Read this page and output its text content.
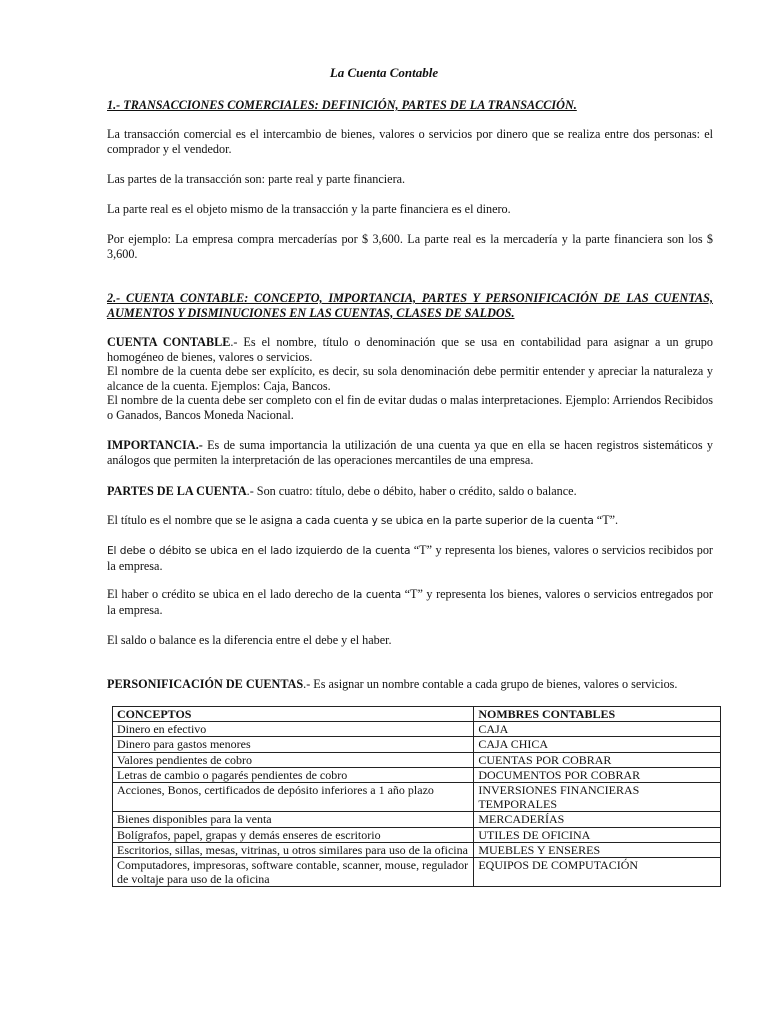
La Cuenta Contable

1.- TRANSACCIONES COMERCIALES: DEFINICIÓN, PARTES DE LA TRANSACCIÓN.

La transacción comercial es el intercambio de bienes, valores o servicios por dinero que se realiza entre dos personas: el comprador y el vendedor.

Las partes de la transacción son: parte real y parte financiera.

La parte real es el objeto mismo de la transacción y la parte financiera es el dinero.

Por ejemplo: La empresa compra mercaderías por $ 3,600. La parte real es la mercadería y la parte financiera son los $ 3,600.

2.- CUENTA CONTABLE: CONCEPTO, IMPORTANCIA, PARTES Y PERSONIFICACIÓN DE LAS CUENTAS, AUMENTOS Y DISMINUCIONES EN LAS CUENTAS, CLASES DE SALDOS.

CUENTA CONTABLE.- Es el nombre, título o denominación que se usa en contabilidad para asignar a un grupo homogéneo de bienes, valores o servicios.
El nombre de la cuenta debe ser explícito, es decir, su sola denominación debe permitir entender y apreciar la naturaleza y alcance de la cuenta. Ejemplos: Caja, Bancos.
El nombre de la cuenta debe ser completo con el fin de evitar dudas o malas interpretaciones. Ejemplo: Arriendos Recibidos o Ganados, Bancos Moneda Nacional.

IMPORTANCIA.- Es de suma importancia la utilización de una cuenta ya que en ella se hacen registros sistemáticos y análogos que permiten la interpretación de las operaciones mercantiles de una empresa.

PARTES DE LA CUENTA.- Son cuatro: título, debe o débito, haber o crédito, saldo o balance.

El título es el nombre que se le asigna a cada cuenta y se ubica en la parte superior de la cuenta “T”.

El debe o débito se ubica en el lado izquierdo de la cuenta “T” y representa los bienes, valores o servicios recibidos por la empresa.

El haber o crédito se ubica en el lado derecho de la cuenta “T” y representa los bienes, valores o servicios entregados por la empresa.

El saldo o balance es la diferencia entre el debe y el haber.

PERSONIFICACIÓN DE CUENTAS.- Es asignar un nombre contable a cada grupo de bienes, valores o servicios.

CONCEPTOS	NOMBRES CONTABLES
Dinero en efectivo	CAJA
Dinero para gastos menores	CAJA CHICA
Valores pendientes de cobro	CUENTAS POR COBRAR
Letras de cambio o pagarés pendientes de cobro	DOCUMENTOS POR COBRAR
Acciones, Bonos, certificados de depósito inferiores a 1 año plazo	INVERSIONES FINANCIERAS TEMPORALES
Bienes disponibles para la venta	MERCADERÍAS
Bolígrafos, papel, grapas y demás enseres de escritorio	UTILES DE OFICINA
Escritorios, sillas, mesas, vitrinas, u otros similares para uso de la oficina	MUEBLES Y ENSERES
Computadores, impresoras, software contable, scanner, mouse, regulador de voltaje para uso de la oficina	EQUIPOS DE COMPUTACIÓN
